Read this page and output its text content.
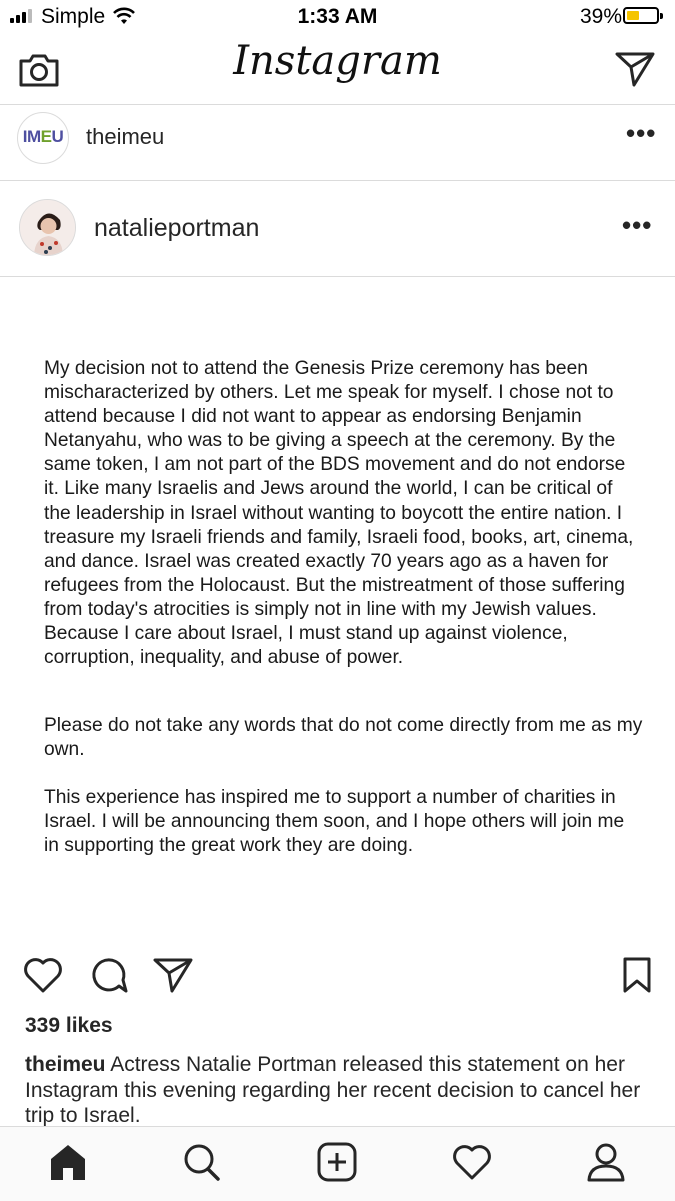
Simple	1:33 AM	39%
Instagram
IMEU theimeu	•••
natalieportman	•••
My decision not to attend the Genesis Prize ceremony has been mischaracterized by others. Let me speak for myself. I chose not to attend because I did not want to appear as endorsing Benjamin Netanyahu, who was to be giving a speech at the ceremony. By the same token, I am not part of the BDS movement and do not endorse it. Like many Israelis and Jews around the world, I can be critical of the leadership in Israel without wanting to boycott the entire nation. I treasure my Israeli friends and family, Israeli food, books, art, cinema, and dance. Israel was created exactly 70 years ago as a haven for refugees from the Holocaust. But the mistreatment of those suffering from today's atrocities is simply not in line with my Jewish values. Because I care about Israel, I must stand up against violence, corruption, inequality, and abuse of power.
Please do not take any words that do not come directly from me as my own.
This experience has inspired me to support a number of charities in Israel. I will be announcing them soon, and I hope others will join me in supporting the great work they are doing.
339 likes
theimeu Actress Natalie Portman released this statement on her Instagram this evening regarding her recent decision to cancel her trip to Israel.
